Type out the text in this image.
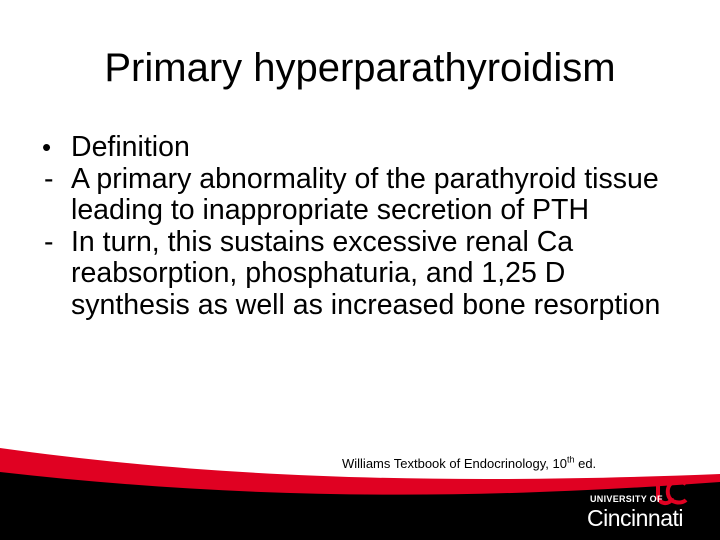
Primary hyperparathyroidism
• Definition
- A primary abnormality of the parathyroid tissue leading to inappropriate secretion of PTH
- In turn, this sustains excessive renal Ca reabsorption, phosphaturia, and 1,25 D synthesis as well as increased bone resorption
Williams Textbook of Endocrinology, 10th ed.
UNIVERSITY OF
Cincinnati
